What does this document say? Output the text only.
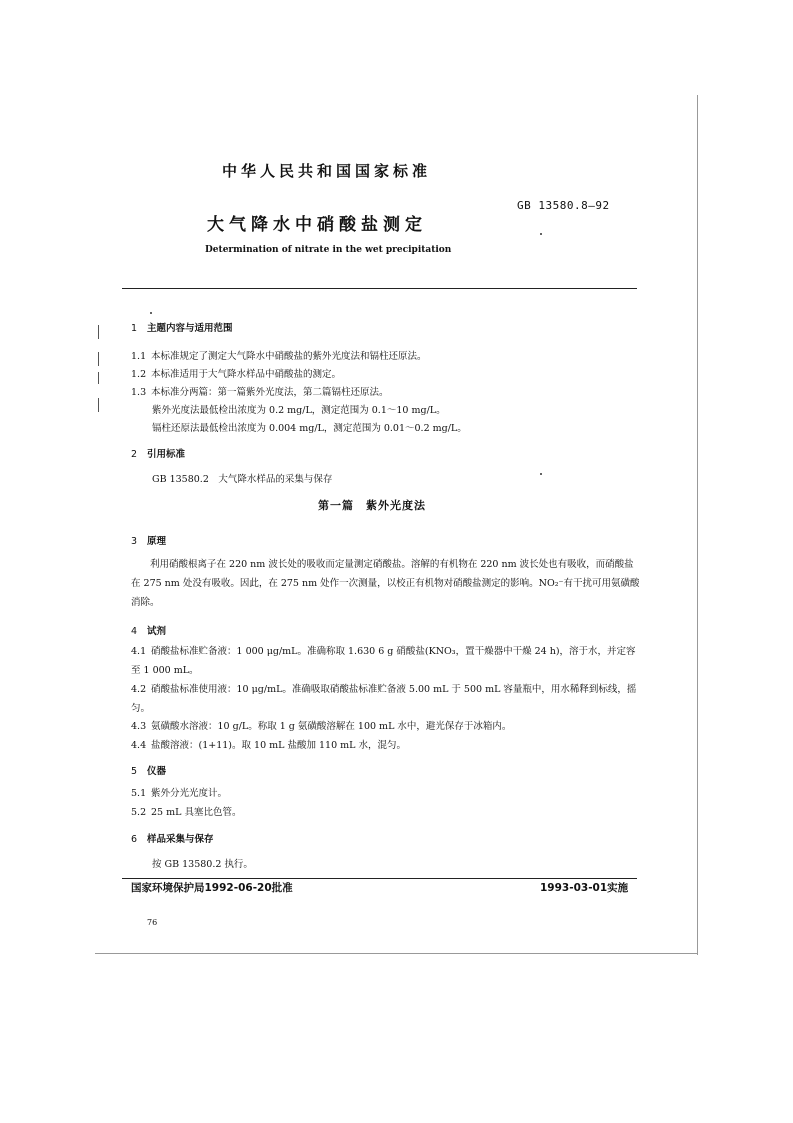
中华人民共和国国家标准
GB 13580.8—92
大气降水中硝酸盐测定
Determination of nitrate in the wet precipitation
1 主题内容与适用范围
1.1 本标准规定了测定大气降水中硝酸盐的紫外光度法和镉柱还原法。
1.2 本标准适用于大气降水样品中硝酸盐的测定。
1.3 本标准分两篇：第一篇紫外光度法，第二篇镉柱还原法。
紫外光度法最低检出浓度为 0.2 mg/L，测定范围为 0.1～10 mg/L。
镉柱还原法最低检出浓度为 0.004 mg/L，测定范围为 0.01～0.2 mg/L。
2 引用标准
GB 13580.2　大气降水样品的采集与保存
第一篇　紫外光度法
3 原理
利用硝酸根离子在 220 nm 波长处的吸收而定量测定硝酸盐。溶解的有机物在 220 nm 波长处也有吸收，而硝酸盐在 275 nm 处没有吸收。因此，在 275 nm 处作一次测量，以校正有机物对硝酸盐测定的影响。NO₂⁻有干扰可用氨磺酸消除。
4 试剂
4.1 硝酸盐标准贮备液：1 000 μg/mL。准确称取 1.630 6 g 硝酸盐(KNO₃，置干燥器中干燥 24 h)，溶于水，并定容至 1 000 mL。
4.2 硝酸盐标准使用液：10 μg/mL。准确吸取硝酸盐标准贮备液 5.00 mL 于 500 mL 容量瓶中，用水稀释到标线，摇匀。
4.3 氨磺酸水溶液：10 g/L。称取 1 g 氨磺酸溶解在 100 mL 水中，避光保存于冰箱内。
4.4 盐酸溶液：(1+11)。取 10 mL 盐酸加 110 mL 水，混匀。
5 仪器
5.1 紫外分光光度计。
5.2 25 mL 具塞比色管。
6 样品采集与保存
按 GB 13580.2 执行。
国家环境保护局1992-06-20批准	1993-03-01实施
76
